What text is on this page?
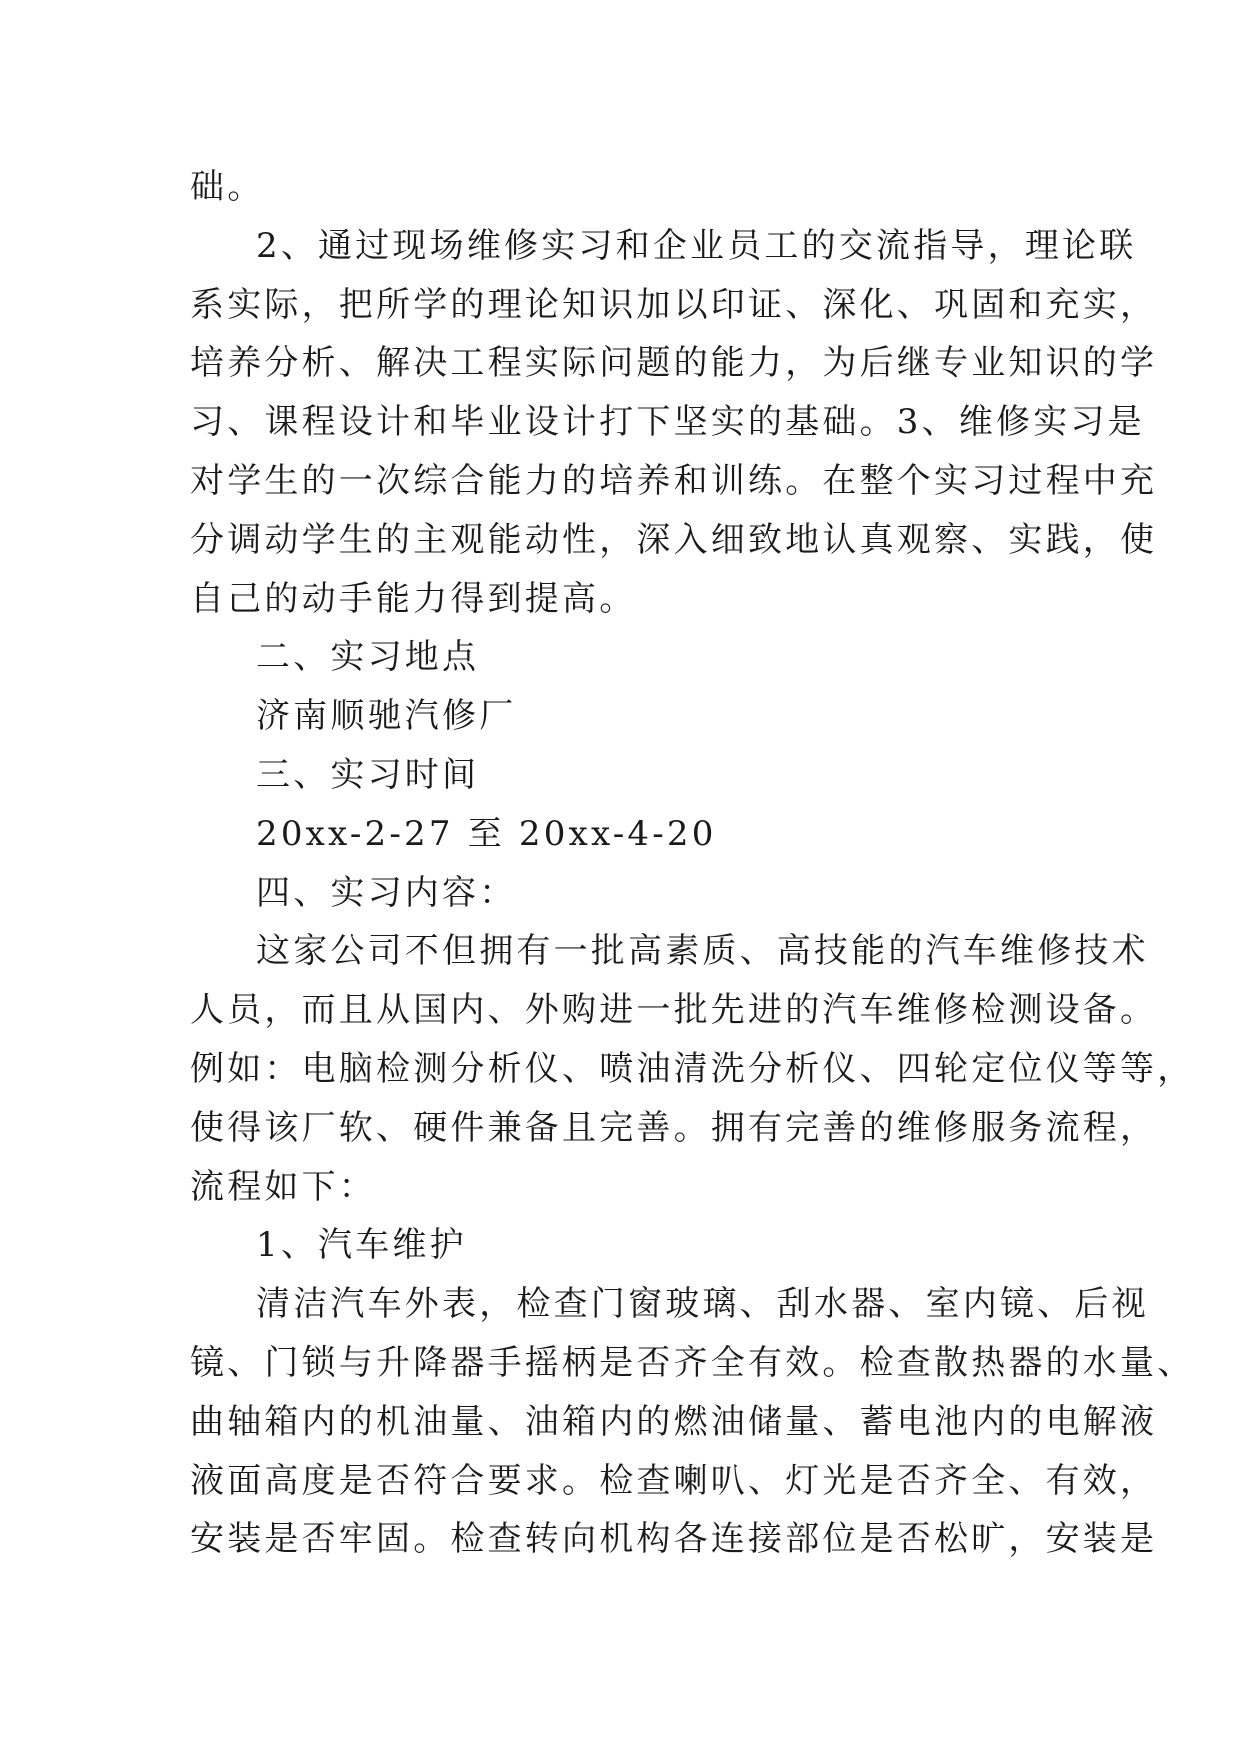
础。
2、通过现场维修实习和企业员工的交流指导，理论联
系实际，把所学的理论知识加以印证、深化、巩固和充实，
培养分析、解决工程实际问题的能力，为后继专业知识的学
习、课程设计和毕业设计打下坚实的基础。3、维修实习是
对学生的一次综合能力的培养和训练。在整个实习过程中充
分调动学生的主观能动性，深入细致地认真观察、实践，使
自己的动手能力得到提高。
二、实习地点
济南顺驰汽修厂
三、实习时间
20xx-2-27 至 20xx-4-20
四、实习内容：
这家公司不但拥有一批高素质、高技能的汽车维修技术
人员，而且从国内、外购进一批先进的汽车维修检测设备。
例如：电脑检测分析仪、喷油清洗分析仪、四轮定位仪等等，
使得该厂软、硬件兼备且完善。拥有完善的维修服务流程，
流程如下：
1、汽车维护
清洁汽车外表，检查门窗玻璃、刮水器、室内镜、后视
镜、门锁与升降器手摇柄是否齐全有效。检查散热器的水量、
曲轴箱内的机油量、油箱内的燃油储量、蓄电池内的电解液
液面高度是否符合要求。检查喇叭、灯光是否齐全、有效，
安装是否牢固。检查转向机构各连接部位是否松旷，安装是
